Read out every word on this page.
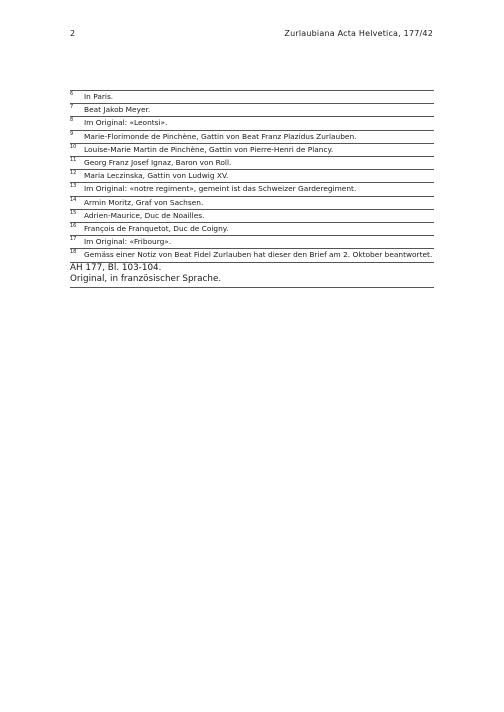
2	Zurlaubiana Acta Helvetica, 177/42
6 In Paris.
7 Beat Jakob Meyer.
8 Im Original: «Leontsi».
9 Marie-Florimonde de Pinchène, Gattin von Beat Franz Plazidus Zurlauben.
10 Louise-Marie Martin de Pinchène, Gattin von Pierre-Henri de Plancy.
11 Georg Franz Josef Ignaz, Baron von Roll.
12 Maria Leczinska, Gattin von Ludwig XV.
13 Im Original: «notre regiment», gemeint ist das Schweizer Garderegiment.
14 Armin Moritz, Graf von Sachsen.
15 Adrien-Maurice, Duc de Noailles.
16 François de Franquetot, Duc de Coigny.
17 Im Original: «Fribourg».
18 Gemäss einer Notiz von Beat Fidel Zurlauben hat dieser den Brief am 2. Oktober beantwortet.
AH 177, Bl. 103-104.
Original, in französischer Sprache.
